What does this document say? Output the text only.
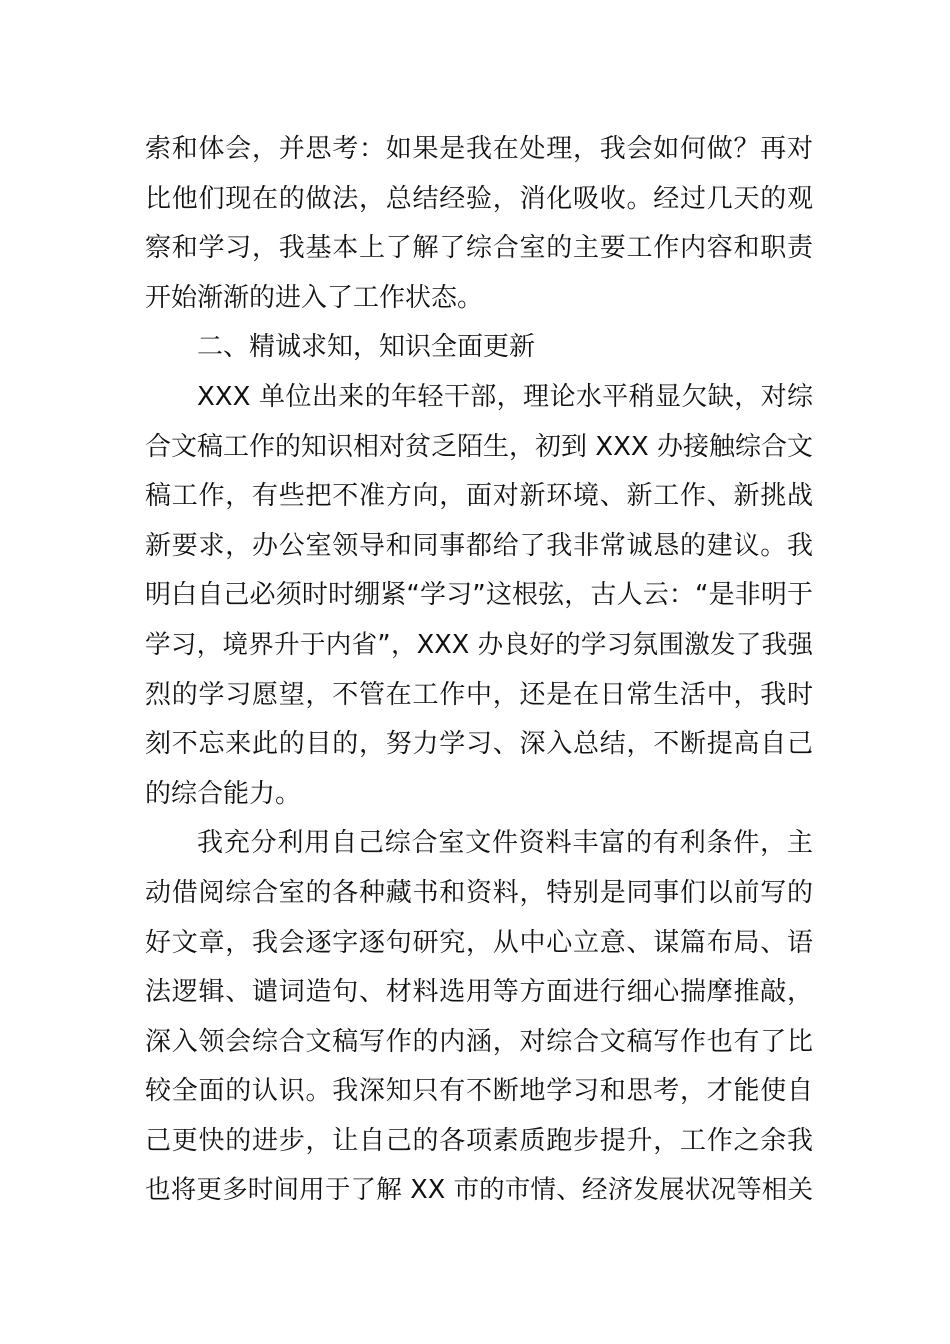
索和体会，并思考：如果是我在处理，我会如何做？再对
比他们现在的做法，总结经验，消化吸收。经过几天的观
察和学习，我基本上了解了综合室的主要工作内容和职责
开始渐渐的进入了工作状态。
二、精诚求知，知识全面更新
XXX 单位出来的年轻干部，理论水平稍显欠缺，对综
合文稿工作的知识相对贫乏陌生，初到 XXX 办接触综合文
稿工作，有些把不准方向，面对新环境、新工作、新挑战
新要求，办公室领导和同事都给了我非常诚恳的建议。我
明白自己必须时时绷紧“学习”这根弦，古人云：“是非明于
学习，境界升于内省”，XXX 办良好的学习氛围激发了我强
烈的学习愿望，不管在工作中，还是在日常生活中，我时
刻不忘来此的目的，努力学习、深入总结，不断提高自己
的综合能力。
我充分利用自己综合室文件资料丰富的有利条件，主
动借阅综合室的各种藏书和资料，特别是同事们以前写的
好文章，我会逐字逐句研究，从中心立意、谋篇布局、语
法逻辑、谴词造句、材料选用等方面进行细心揣摩推敲，
深入领会综合文稿写作的内涵，对综合文稿写作也有了比
较全面的认识。我深知只有不断地学习和思考，才能使自
己更快的进步，让自己的各项素质跑步提升，工作之余我
也将更多时间用于了解 XX 市的市情、经济发展状况等相关
